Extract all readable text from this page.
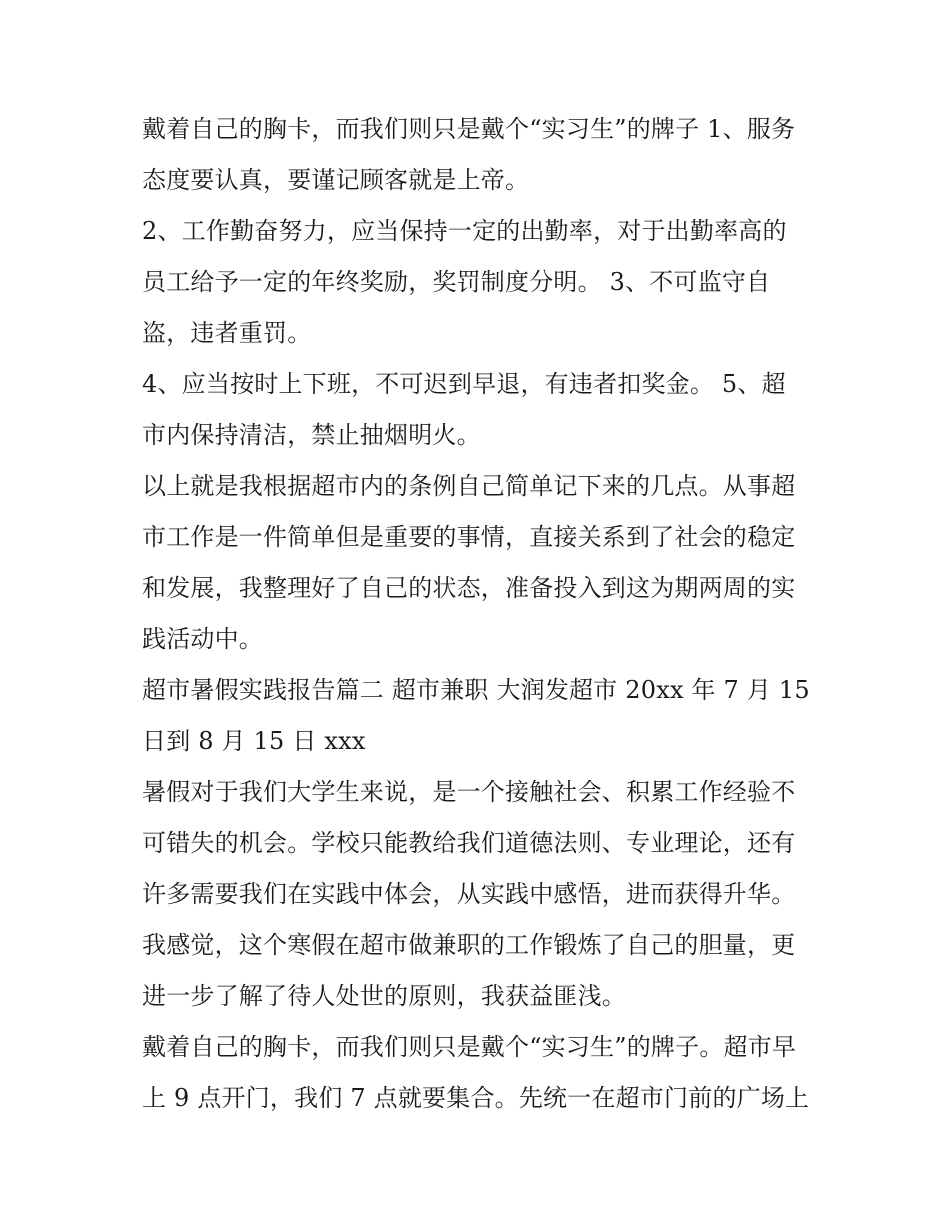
戴着自己的胸卡，而我们则只是戴个“实习生”的牌子 1、服务
态度要认真，要谨记顾客就是上帝。
2、工作勤奋努力，应当保持一定的出勤率，对于出勤率高的
员工给予一定的年终奖励，奖罚制度分明。 3、不可监守自
盗，违者重罚。
4、应当按时上下班，不可迟到早退，有违者扣奖金。 5、超
市内保持清洁，禁止抽烟明火。
以上就是我根据超市内的条例自己简单记下来的几点。从事超
市工作是一件简单但是重要的事情，直接关系到了社会的稳定
和发展，我整理好了自己的状态，准备投入到这为期两周的实
践活动中。
超市暑假实践报告篇二 超市兼职 大润发超市 20xx 年 7 月 15
日到 8 月 15 日 xxx
暑假对于我们大学生来说，是一个接触社会、积累工作经验不
可错失的机会。学校只能教给我们道德法则、专业理论，还有
许多需要我们在实践中体会，从实践中感悟，进而获得升华。
我感觉，这个寒假在超市做兼职的工作锻炼了自己的胆量，更
进一步了解了待人处世的原则，我获益匪浅。
戴着自己的胸卡，而我们则只是戴个“实习生”的牌子。超市早
上 9 点开门，我们 7 点就要集合。先统一在超市门前的广场上
